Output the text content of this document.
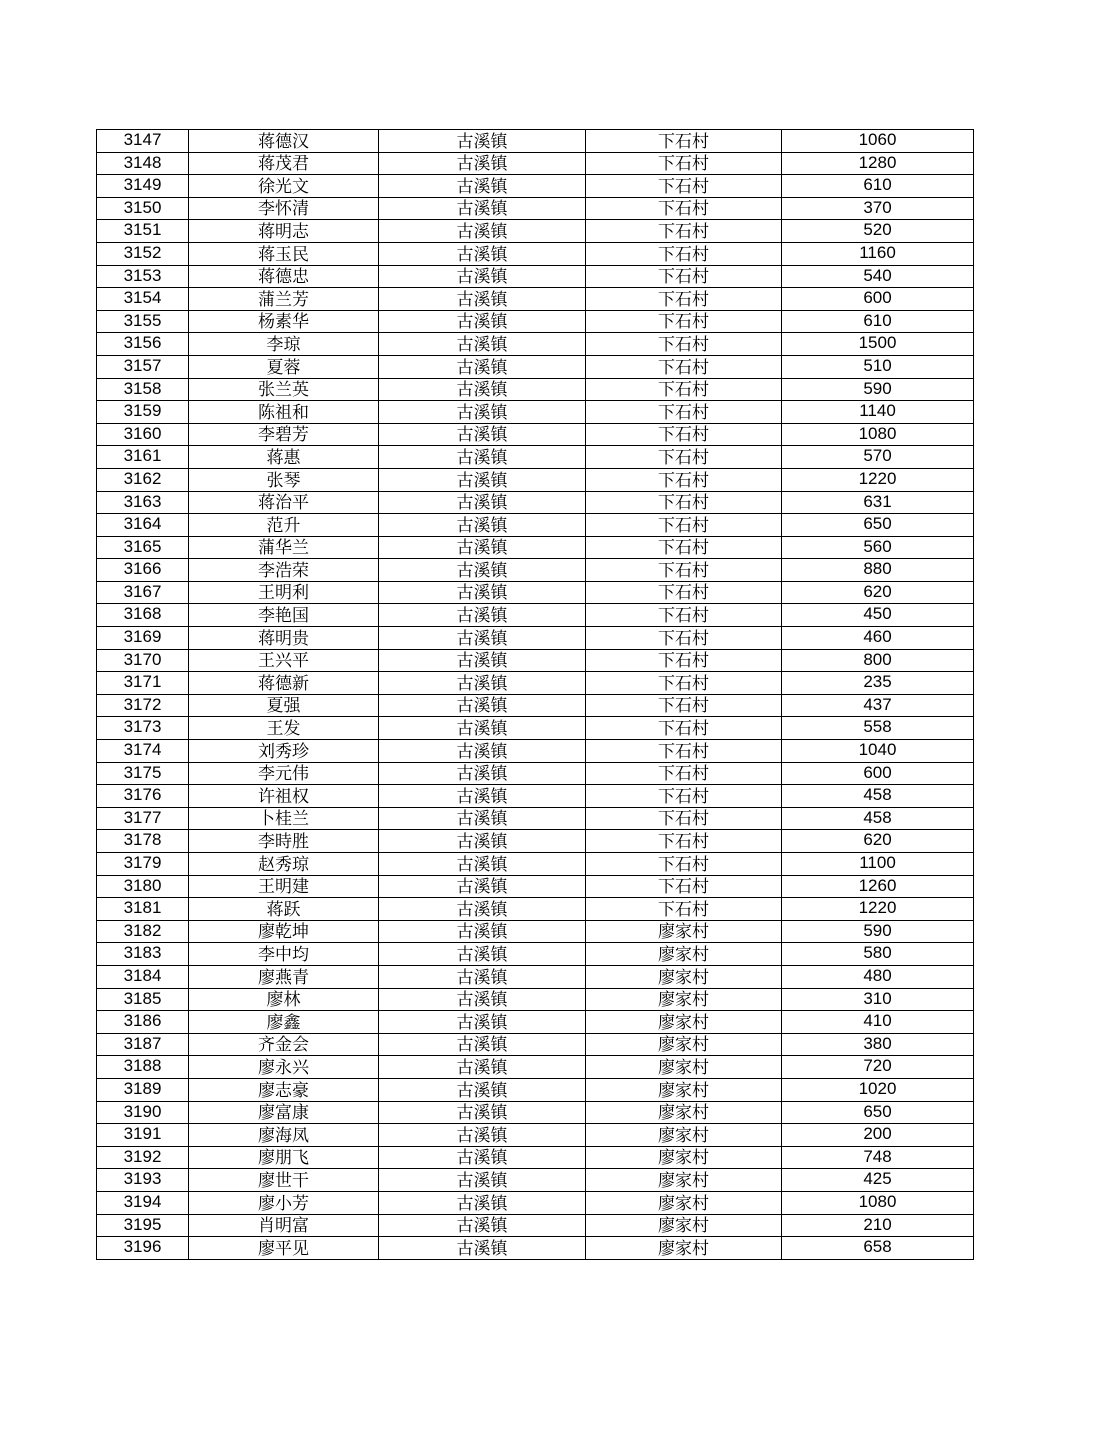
3147	蒋德汉	古溪镇	下石村	1060
3148	蒋茂君	古溪镇	下石村	1280
3149	徐光文	古溪镇	下石村	610
3150	李怀清	古溪镇	下石村	370
3151	蒋明志	古溪镇	下石村	520
3152	蒋玉民	古溪镇	下石村	1160
3153	蒋德忠	古溪镇	下石村	540
3154	蒲兰芳	古溪镇	下石村	600
3155	杨素华	古溪镇	下石村	610
3156	李琼	古溪镇	下石村	1500
3157	夏蓉	古溪镇	下石村	510
3158	张兰英	古溪镇	下石村	590
3159	陈祖和	古溪镇	下石村	1140
3160	李碧芳	古溪镇	下石村	1080
3161	蒋惠	古溪镇	下石村	570
3162	张琴	古溪镇	下石村	1220
3163	蒋治平	古溪镇	下石村	631
3164	范升	古溪镇	下石村	650
3165	蒲华兰	古溪镇	下石村	560
3166	李浩荣	古溪镇	下石村	880
3167	王明利	古溪镇	下石村	620
3168	李艳国	古溪镇	下石村	450
3169	蒋明贵	古溪镇	下石村	460
3170	王兴平	古溪镇	下石村	800
3171	蒋德新	古溪镇	下石村	235
3172	夏强	古溪镇	下石村	437
3173	王发	古溪镇	下石村	558
3174	刘秀珍	古溪镇	下石村	1040
3175	李元伟	古溪镇	下石村	600
3176	许祖权	古溪镇	下石村	458
3177	卜桂兰	古溪镇	下石村	458
3178	李時胜	古溪镇	下石村	620
3179	赵秀琼	古溪镇	下石村	1100
3180	王明建	古溪镇	下石村	1260
3181	蒋跃	古溪镇	下石村	1220
3182	廖乾坤	古溪镇	廖家村	590
3183	李中均	古溪镇	廖家村	580
3184	廖燕青	古溪镇	廖家村	480
3185	廖林	古溪镇	廖家村	310
3186	廖鑫	古溪镇	廖家村	410
3187	齐金会	古溪镇	廖家村	380
3188	廖永兴	古溪镇	廖家村	720
3189	廖志豪	古溪镇	廖家村	1020
3190	廖富康	古溪镇	廖家村	650
3191	廖海凤	古溪镇	廖家村	200
3192	廖朋飞	古溪镇	廖家村	748
3193	廖世干	古溪镇	廖家村	425
3194	廖小芳	古溪镇	廖家村	1080
3195	肖明富	古溪镇	廖家村	210
3196	廖平见	古溪镇	廖家村	658
